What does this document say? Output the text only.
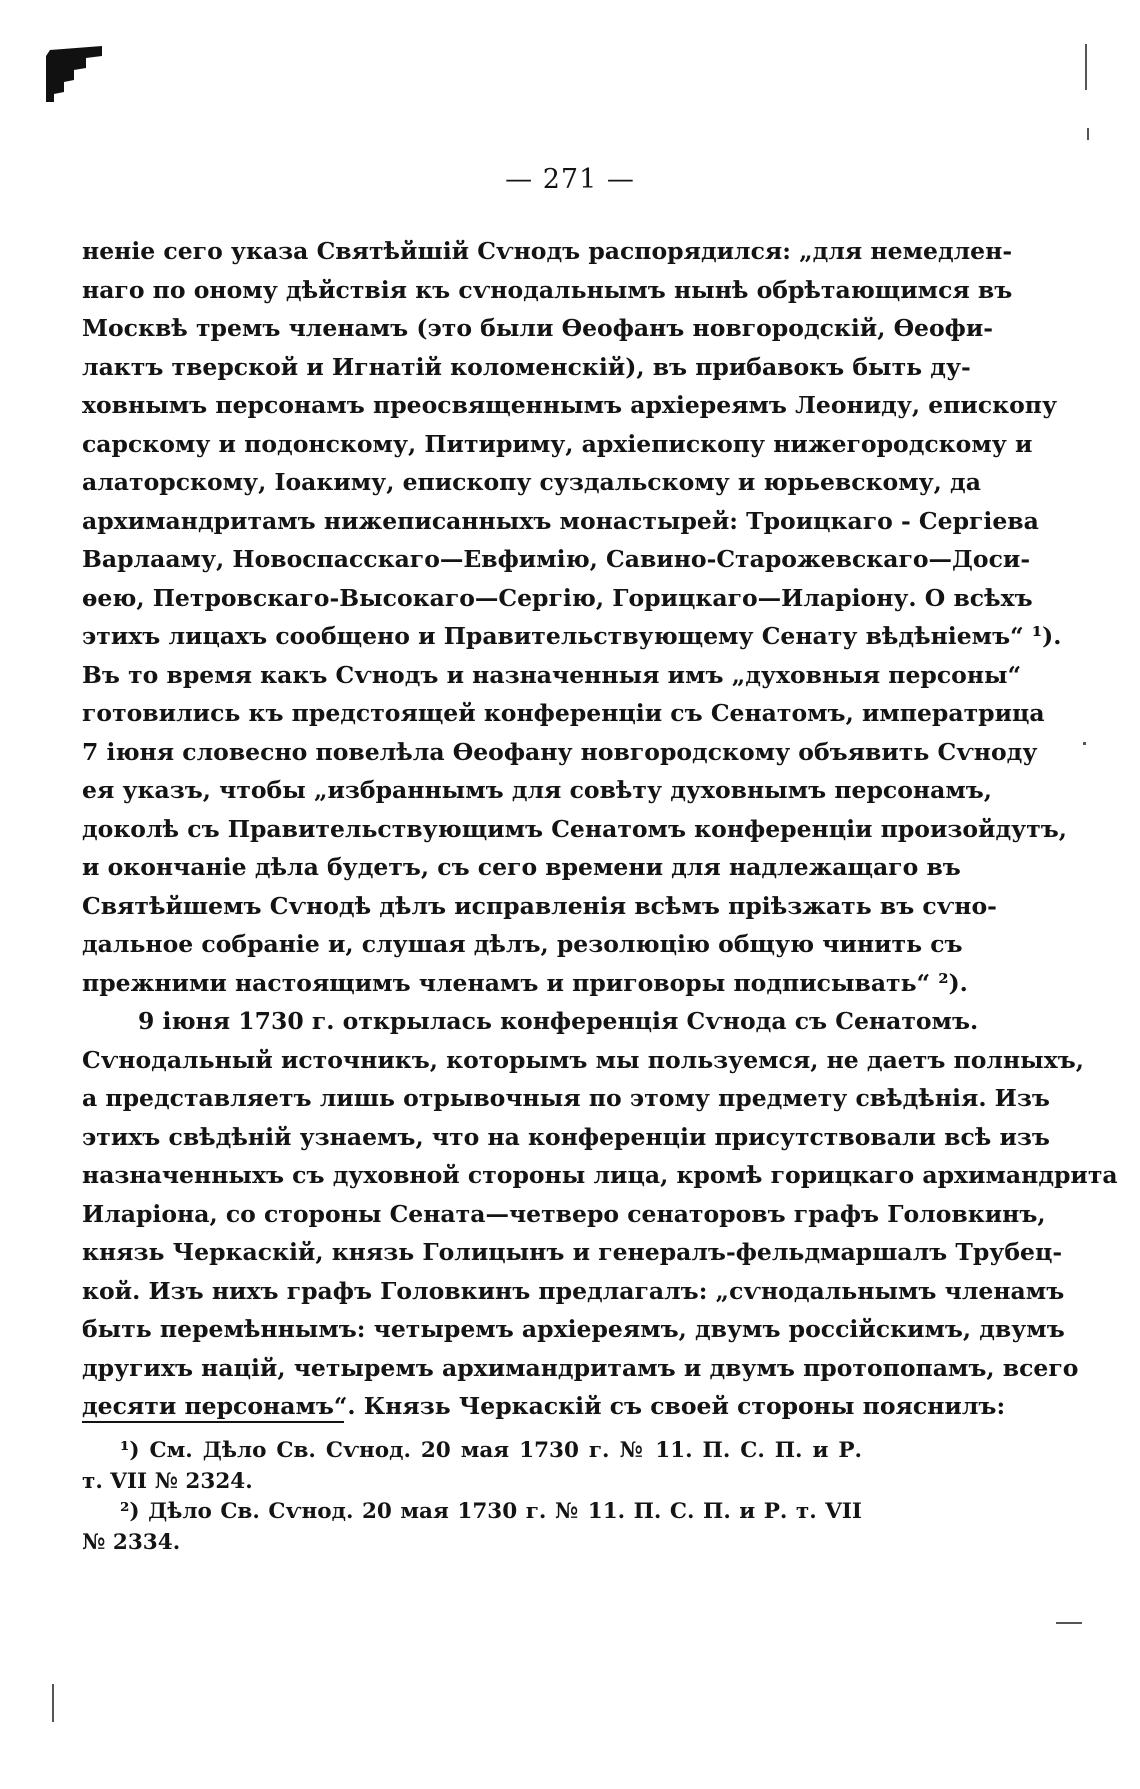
— 271 —
неніе сего указа Святѣйшій Сѵнодъ распорядился: „для немедлен-
наго по оному дѣйствія къ сѵнодальнымъ нынѣ обрѣтающимся въ
Москвѣ тремъ членамъ (это были Ѳеофанъ новгородскій, Ѳеофи-
лактъ тверской и Игнатій коломенскій), въ прибавокъ быть ду-
ховнымъ персонамъ преосвященнымъ архіереямъ Леониду, епископу
сарскому и подонскому, Питириму, архіепископу нижегородскому и
алаторскому, Іоакиму, епископу суздальскому и юрьевскому, да
архимандритамъ нижеписанныхъ монастырей: Троицкаго - Сергіева
Варлааму, Новоспасскаго—Евфимію, Савино-Старожевскаго—Доси-
ѳею, Петровскаго-Высокаго—Сергію, Горицкаго—Иларіону. О всѣхъ
этихъ лицахъ сообщено и Правительствующему Сенату вѣдѣніемъ“ ¹).
Въ то время какъ Сѵнодъ и назначенныя имъ „духовныя персоны“
готовились къ предстоящей конференціи съ Сенатомъ, императрица
7 іюня словесно повелѣла Ѳеофану новгородскому объявить Сѵноду
ея указъ, чтобы „избраннымъ для совѣту духовнымъ персонамъ,
доколѣ съ Правительствующимъ Сенатомъ конференціи произойдутъ,
и окончаніе дѣла будетъ, съ сего времени для надлежащаго въ
Святѣйшемъ Сѵнодѣ дѣлъ исправленія всѣмъ пріѣзжать въ сѵно-
дальное собраніе и, слушая дѣлъ, резолюцію общую чинить съ
прежними настоящимъ членамъ и приговоры подписывать“ ²).
9 іюня 1730 г. открылась конференція Сѵнода съ Сенатомъ.
Сѵнодальный источникъ, которымъ мы пользуемся, не даетъ полныхъ,
а представляетъ лишь отрывочныя по этому предмету свѣдѣнія. Изъ
этихъ свѣдѣній узнаемъ, что на конференціи присутствовали всѣ изъ
назначенныхъ съ духовной стороны лица, кромѣ горицкаго архимандрита
Иларіона, со стороны Сената—четверо сенаторовъ графъ Головкинъ,
князь Черкаскій, князь Голицынъ и генералъ-фельдмаршалъ Трубец-
кой. Изъ нихъ графъ Головкинъ предлагалъ: „сѵнодальнымъ членамъ
быть перемѣннымъ: четыремъ архіереямъ, двумъ россійскимъ, двумъ
другихъ націй, четыремъ архимандритамъ и двумъ протопопамъ, всего
десяти персонамъ“. Князь Черкаскій съ своей стороны пояснилъ:
¹) См. Дѣло Св. Сѵнод. 20 мая 1730 г. № 11. П. С. П. и Р.
т. VII № 2324.
²) Дѣло Св. Сѵнод. 20 мая 1730 г. № 11. П. С. П. и Р. т. VII
№ 2334.
